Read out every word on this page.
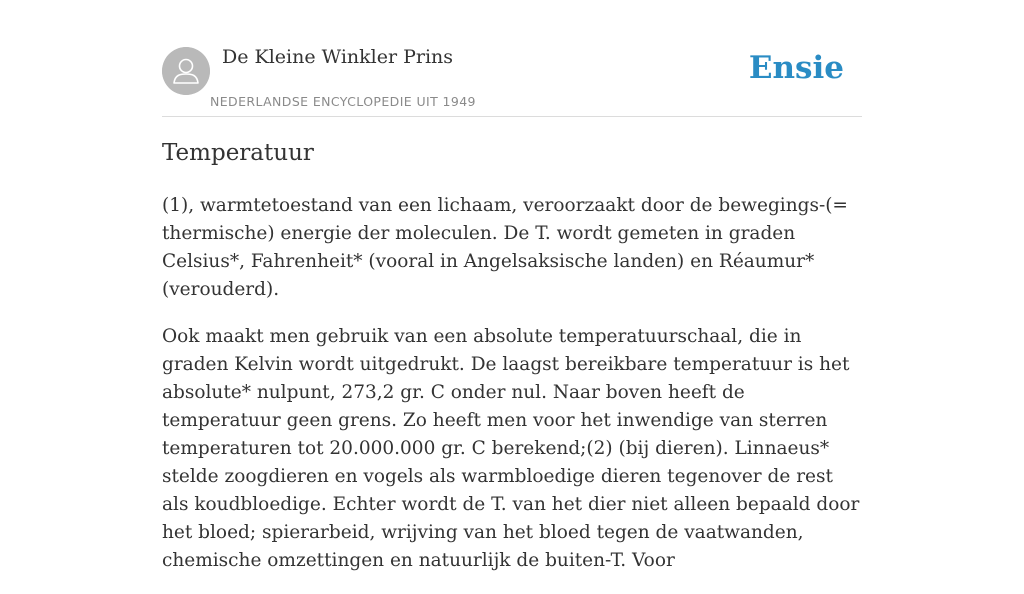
De Kleine Winkler Prins
NEDERLANDSE ENCYCLOPEDIE UIT 1949
Ensie
Temperatuur

(1), warmtetoestand van een lichaam, veroorzaakt door de bewegings-(= thermische) energie der moleculen. De T. wordt gemeten in graden Celsius*, Fahrenheit* (vooral in Angelsaksische landen) en Réaumur* (verouderd).

Ook maakt men gebruik van een absolute temperatuurschaal, die in graden Kelvin wordt uitgedrukt. De laagst bereikbare temperatuur is het absolute* nulpunt, 273,2 gr. C onder nul. Naar boven heeft de temperatuur geen grens. Zo heeft men voor het inwendige van sterren temperaturen tot 20.000.000 gr. C berekend;(2) (bij dieren). Linnaeus* stelde zoogdieren en vogels als warmbloedige dieren tegenover de rest als koudbloedige. Echter wordt de T. van het dier niet alleen bepaald door het bloed; spierarbeid, wrijving van het bloed tegen de vaatwanden, chemische omzettingen en natuurlijk de buiten-T. Voor
